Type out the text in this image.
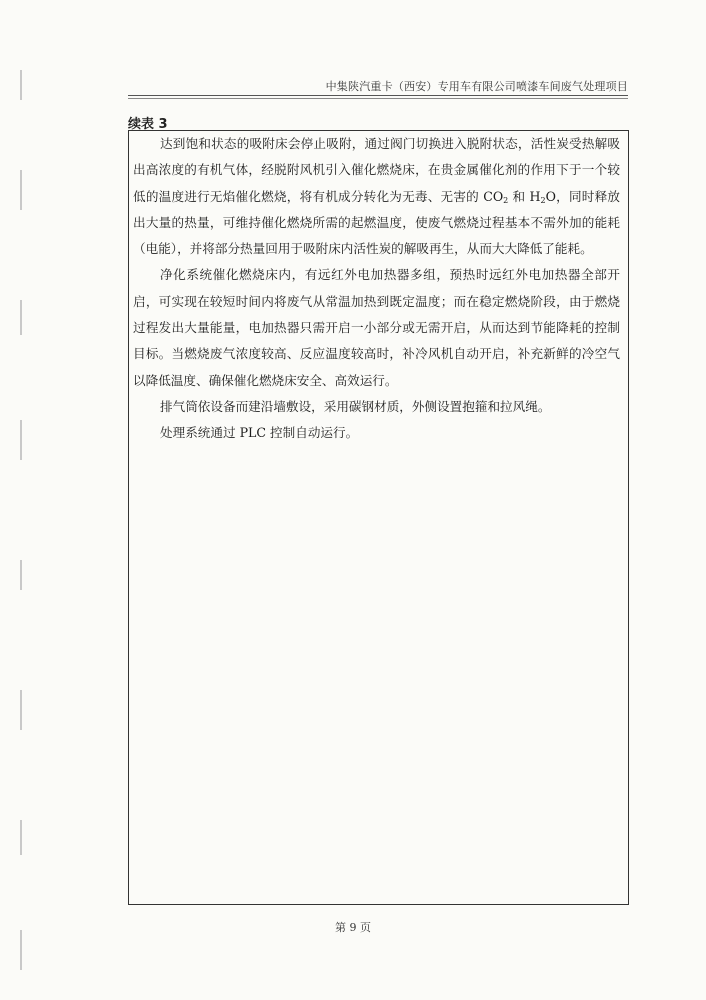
中集陕汽重卡（西安）专用车有限公司喷漆车间废气处理项目
续表 3

达到饱和状态的吸附床会停止吸附，通过阀门切换进入脱附状态，活性炭受热解吸出高浓度的有机气体，经脱附风机引入催化燃烧床，在贵金属催化剂的作用下于一个较低的温度进行无焰催化燃烧，将有机成分转化为无毒、无害的 $CO_2$ 和 $H_2O$，同时释放出大量的热量，可维持催化燃烧所需的起燃温度，使废气燃烧过程基本不需外加的能耗（电能），并将部分热量回用于吸附床内活性炭的解吸再生，从而大大降低了能耗。

净化系统催化燃烧床内，有远红外电加热器多组，预热时远红外电加热器全部开启，可实现在较短时间内将废气从常温加热到既定温度；而在稳定燃烧阶段，由于燃烧过程发出大量能量，电加热器只需开启一小部分或无需开启，从而达到节能降耗的控制目标。当燃烧废气浓度较高、反应温度较高时，补冷风机自动开启，补充新鲜的冷空气以降低温度、确保催化燃烧床安全、高效运行。

排气筒依设备而建沿墙敷设，采用碳钢材质，外侧设置抱箍和拉风绳。

处理系统通过 PLC 控制自动运行。

第 9 页
